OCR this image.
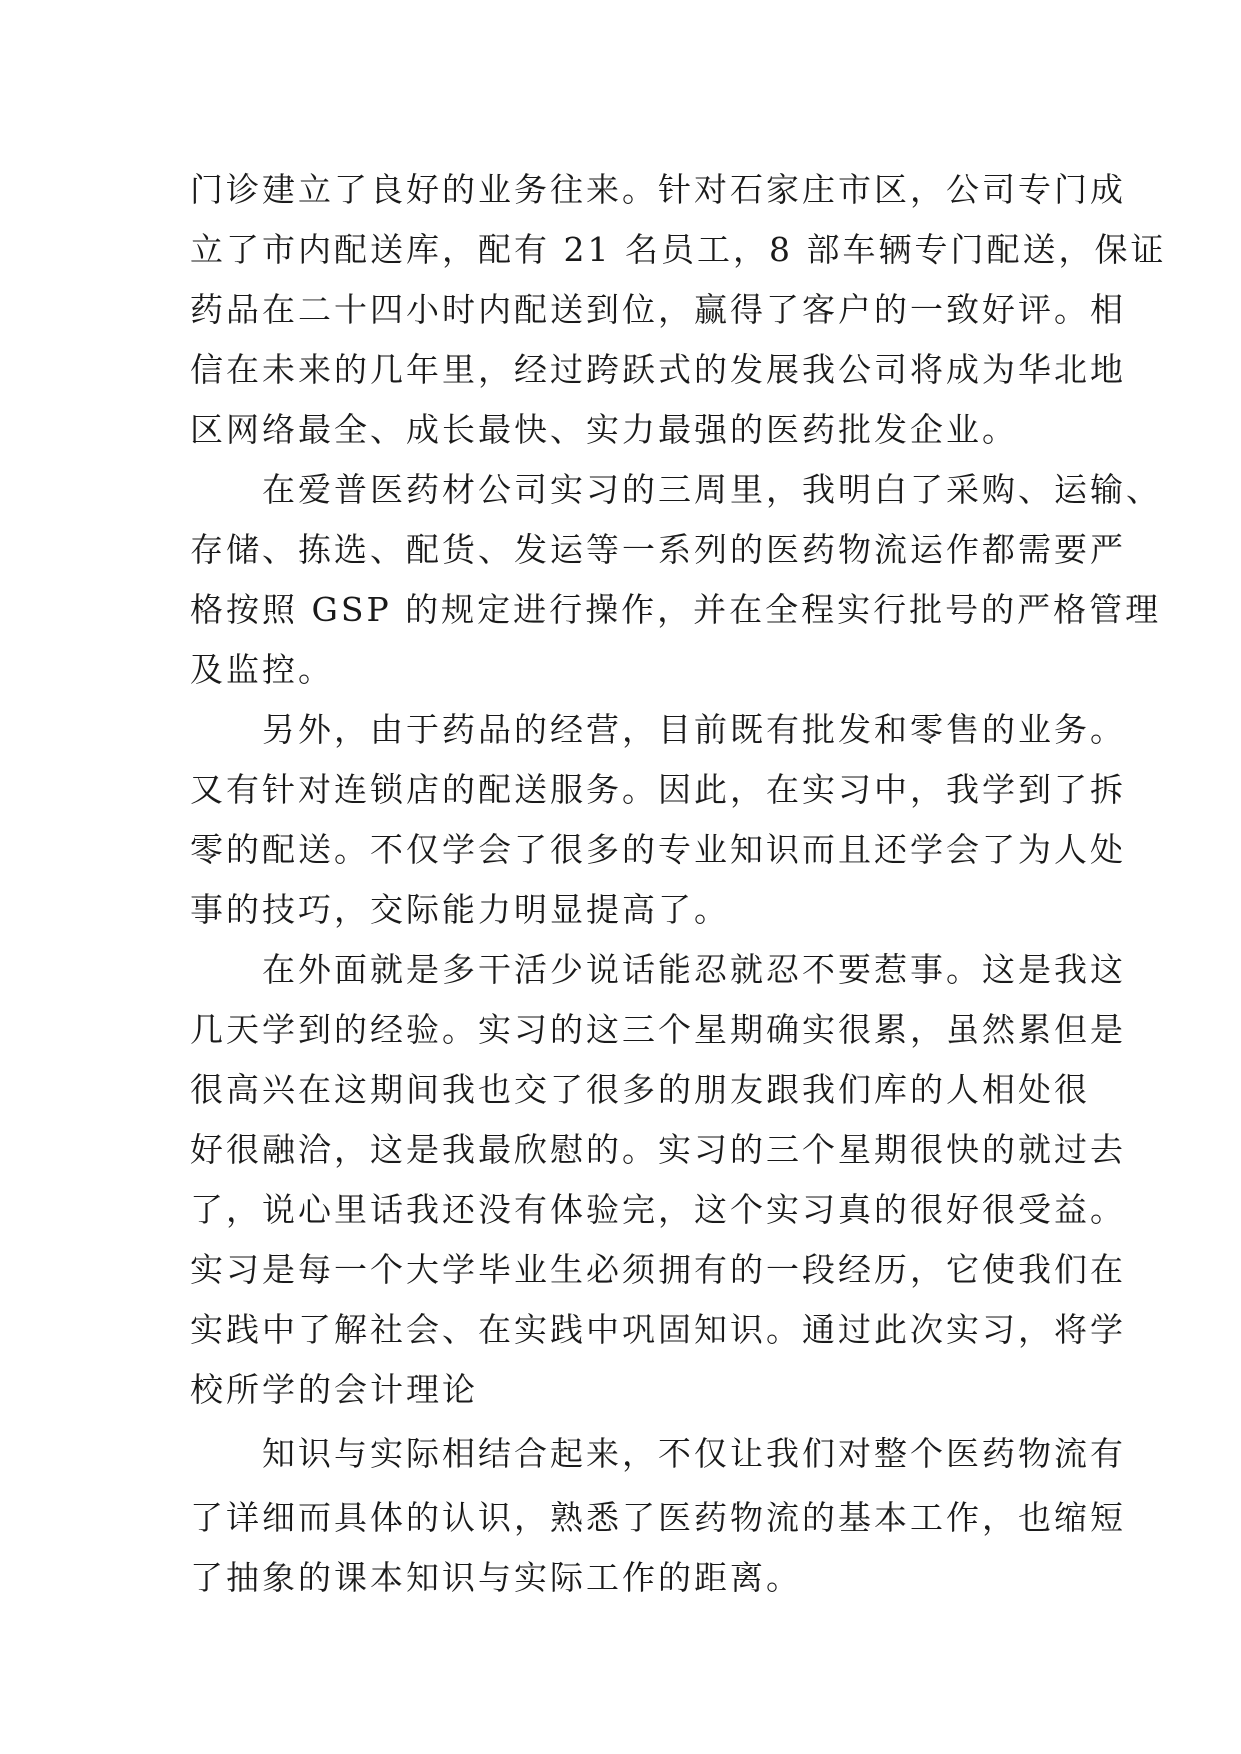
门诊建立了良好的业务往来。针对石家庄市区，公司专门成
立了市内配送库，配有 21 名员工，8 部车辆专门配送，保证
药品在二十四小时内配送到位，赢得了客户的一致好评。相
信在未来的几年里，经过跨跃式的发展我公司将成为华北地
区网络最全、成长最快、实力最强的医药批发企业。
　　在爱普医药材公司实习的三周里，我明白了采购、运输、
存储、拣选、配货、发运等一系列的医药物流运作都需要严
格按照 GSP 的规定进行操作，并在全程实行批号的严格管理
及监控。
　　另外，由于药品的经营，目前既有批发和零售的业务。
又有针对连锁店的配送服务。因此，在实习中，我学到了拆
零的配送。不仅学会了很多的专业知识而且还学会了为人处
事的技巧，交际能力明显提高了。
　　在外面就是多干活少说话能忍就忍不要惹事。这是我这
几天学到的经验。实习的这三个星期确实很累，虽然累但是
很高兴在这期间我也交了很多的朋友跟我们库的人相处很
好很融洽，这是我最欣慰的。实习的三个星期很快的就过去
了，说心里话我还没有体验完，这个实习真的很好很受益。
实习是每一个大学毕业生必须拥有的一段经历，它使我们在
实践中了解社会、在实践中巩固知识。通过此次实习，将学
校所学的会计理论
　　知识与实际相结合起来，不仅让我们对整个医药物流有
了详细而具体的认识，熟悉了医药物流的基本工作，也缩短
了抽象的课本知识与实际工作的距离。
